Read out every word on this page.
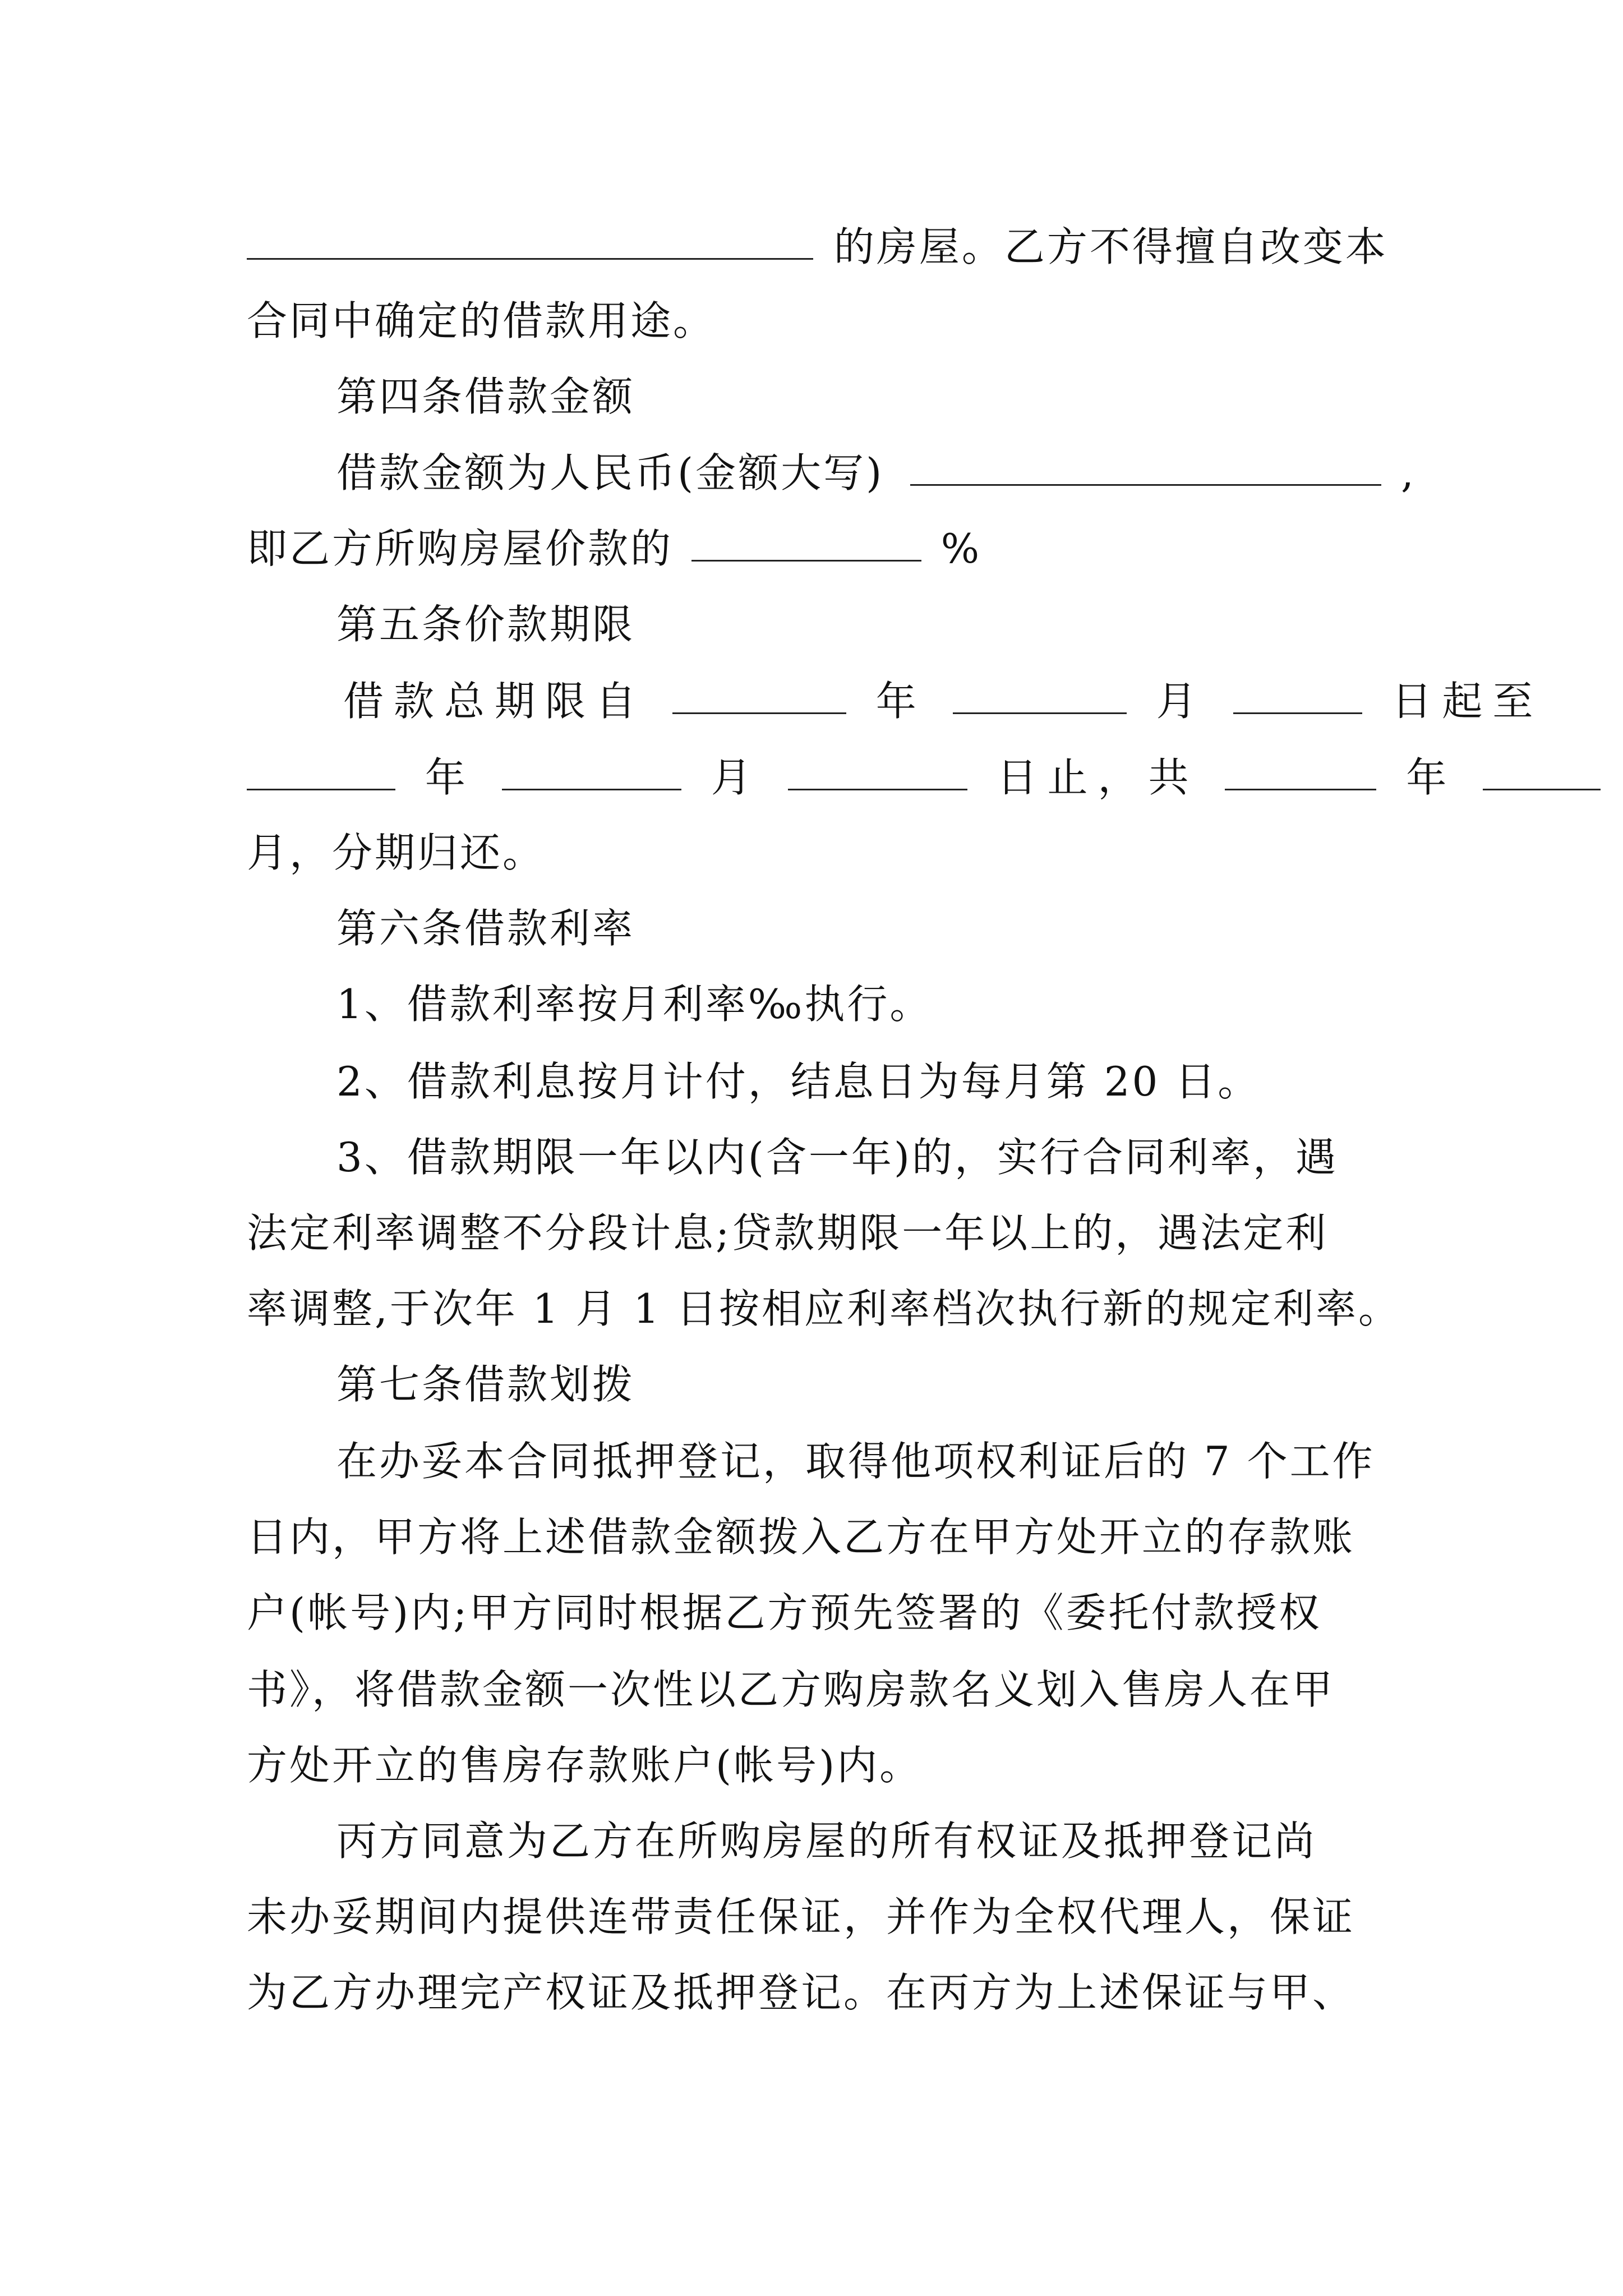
的房屋。乙方不得擅自改变本
合同中确定的借款用途。
第四条借款金额
借款金额为人民币(金额大写)	,
即乙方所购房屋价款的	%
第五条价款期限
借款总期限自	年	月	日起至
年	月	日止，共	年
月，分期归还。
第六条借款利率
1、借款利率按月利率‰执行。
2、借款利息按月计付，结息日为每月第 20 日。
3、借款期限一年以内(含一年)的，实行合同利率，遇
法定利率调整不分段计息;贷款期限一年以上的，遇法定利
率调整,于次年 1 月 1 日按相应利率档次执行新的规定利率。
第七条借款划拨
在办妥本合同抵押登记，取得他项权利证后的 7 个工作
日内，甲方将上述借款金额拨入乙方在甲方处开立的存款账
户(帐号)内;甲方同时根据乙方预先签署的《委托付款授权
书》，将借款金额一次性以乙方购房款名义划入售房人在甲
方处开立的售房存款账户(帐号)内。
丙方同意为乙方在所购房屋的所有权证及抵押登记尚
未办妥期间内提供连带责任保证，并作为全权代理人，保证
为乙方办理完产权证及抵押登记。在丙方为上述保证与甲、
